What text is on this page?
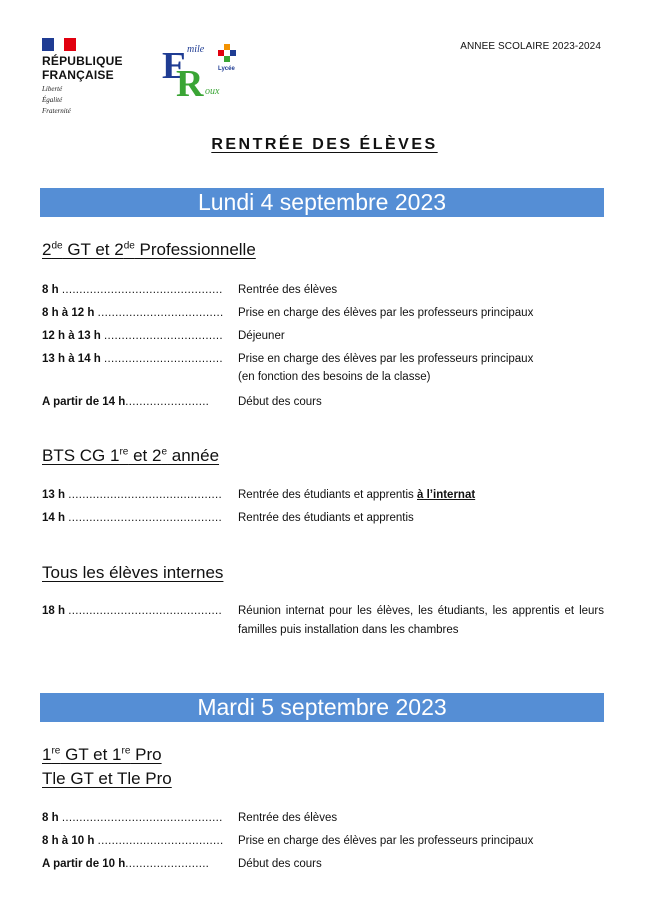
RÉPUBLIQUE
FRANÇAISE
Liberté
Égalité
Fraternité
E mile
R oux
Lycée
ANNEE SCOLAIRE 2023-2024
RENTRÉE DES ÉLÈVES
Lundi 4 septembre 2023
2de GT et 2de Professionnelle
8 h ..............................................	Rentrée des élèves
8 h à 12 h ....................................	Prise en charge des élèves par les professeurs principaux
12 h à 13 h ..................................	Déjeuner
13 h à 14 h ..................................	Prise en charge des élèves par les professeurs principaux
(en fonction des besoins de la classe)
A partir de 14 h........................	Début des cours
BTS CG 1re et 2e année
13 h ............................................	Rentrée des étudiants et apprentis à l’internat
14 h ............................................	Rentrée des étudiants et apprentis
Tous les élèves internes
18 h ............................................	Réunion internat pour les élèves, les étudiants, les apprentis et leurs familles puis installation dans les chambres
Mardi 5 septembre 2023
1re GT et 1re Pro
Tle GT et Tle Pro
8 h ..............................................	Rentrée des élèves
8 h à 10 h ....................................	Prise en charge des élèves par les professeurs principaux
A partir de 10 h........................	Début des cours
